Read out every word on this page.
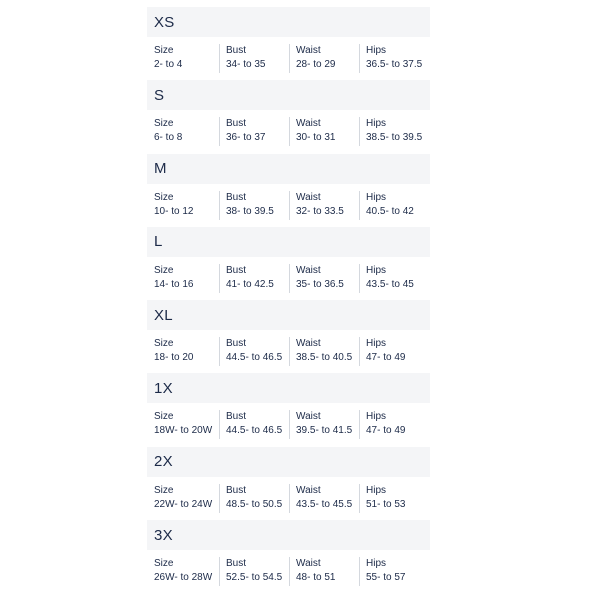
XS
Size
2- to 4
Bust
34- to 35
Waist
28- to 29
Hips
36.5- to 37.5
S
Size
6- to 8
Bust
36- to 37
Waist
30- to 31
Hips
38.5- to 39.5
M
Size
10- to 12
Bust
38- to 39.5
Waist
32- to 33.5
Hips
40.5- to 42
L
Size
14- to 16
Bust
41- to 42.5
Waist
35- to 36.5
Hips
43.5- to 45
XL
Size
18- to 20
Bust
44.5- to 46.5
Waist
38.5- to 40.5
Hips
47- to 49
1X
Size
18W- to 20W
Bust
44.5- to 46.5
Waist
39.5- to 41.5
Hips
47- to 49
2X
Size
22W- to 24W
Bust
48.5- to 50.5
Waist
43.5- to 45.5
Hips
51- to 53
3X
Size
26W- to 28W
Bust
52.5- to 54.5
Waist
48- to 51
Hips
55- to 57
